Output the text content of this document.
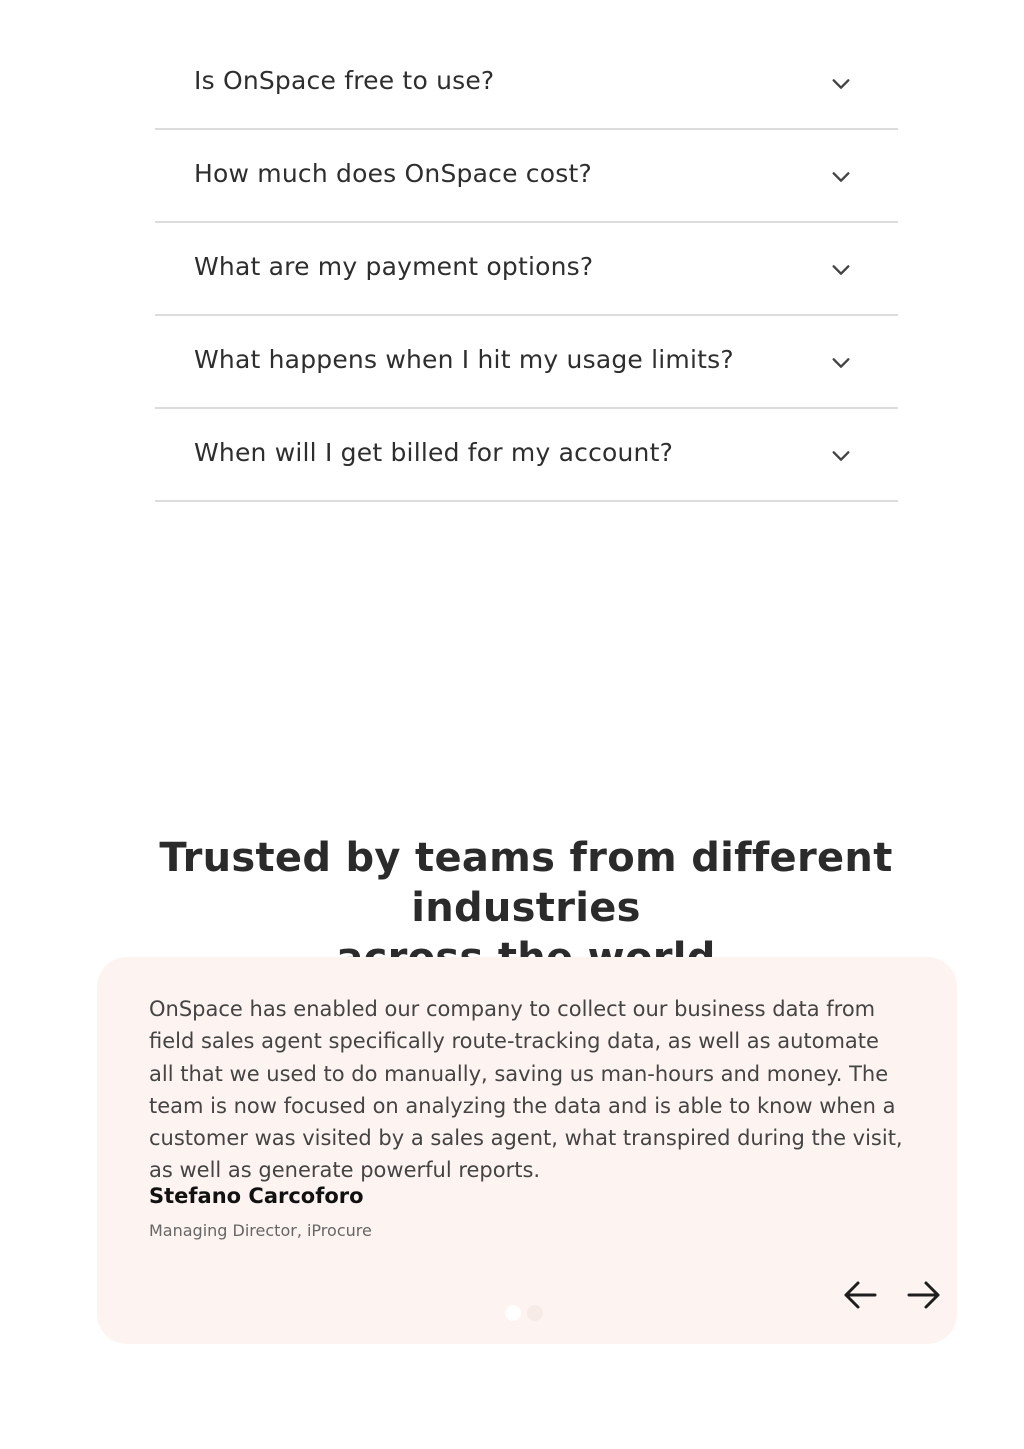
Is OnSpace free to use?
How much does OnSpace cost?
What are my payment options?
What happens when I hit my usage limits?
When will I get billed for my account?
Trusted by teams from different industries
OnSpace has enabled our company to collect our business data from field sales agent specifically route-tracking data, as well as automate all that we used to do manually, saving us man-hours and money. The team is now focused on analyzing the data and is able to know when a customer was visited by a sales agent, what transpired during the visit, as well as generate powerful reports.
Stefano Carcoforo
Managing Director, iProcure
